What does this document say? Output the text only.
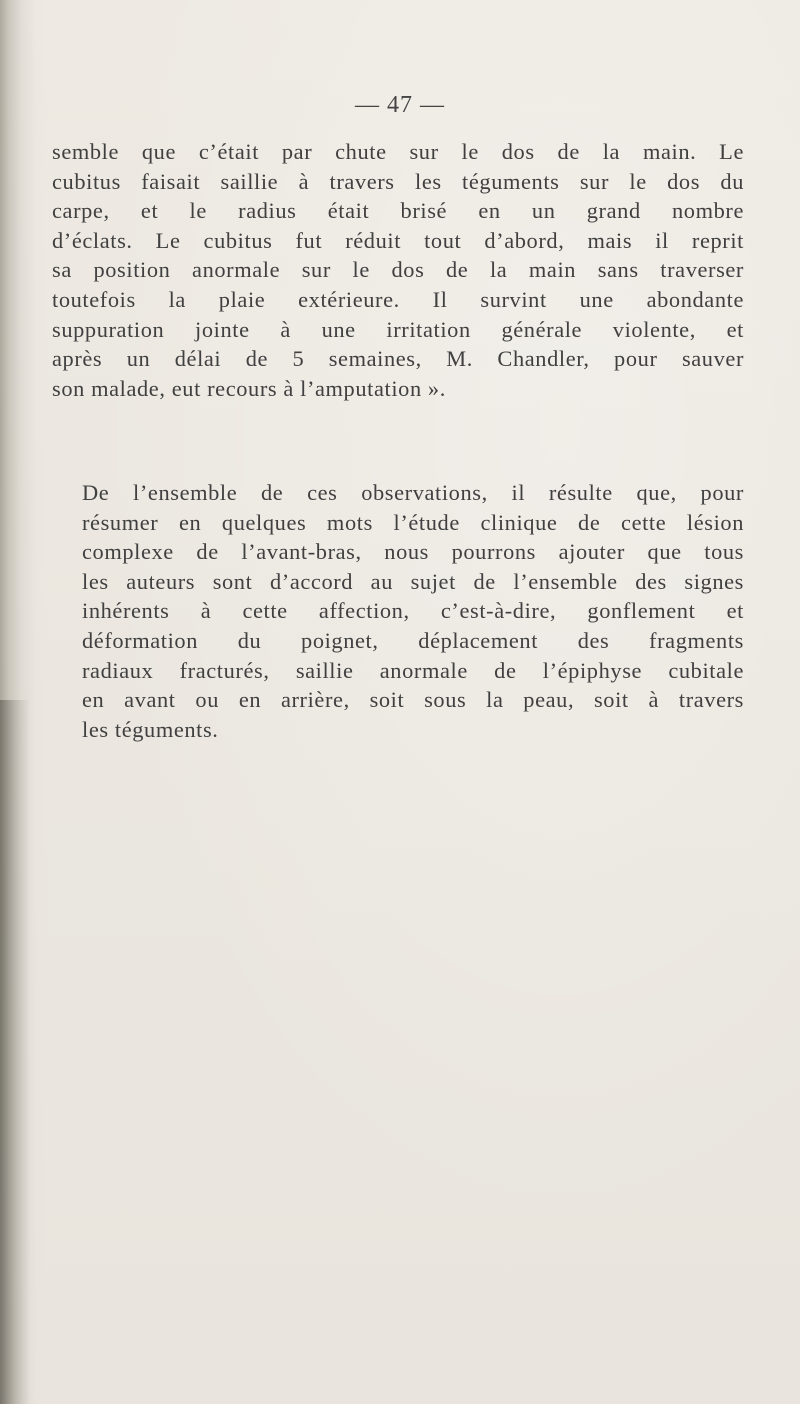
— 47 —
semble que c’était par chute sur le dos de la main. Le
cubitus faisait saillie à travers les téguments sur le dos du
carpe, et le radius était brisé en un grand nombre
d’éclats. Le cubitus fut réduit tout d’abord, mais il reprit
sa position anormale sur le dos de la main sans traverser
toutefois la plaie extérieure. Il survint une abondante
suppuration jointe à une irritation générale violente, et
après un délai de 5 semaines, M. Chandler, pour sauver
son malade, eut recours à l’amputation ».
De l’ensemble de ces observations, il résulte que, pour
résumer en quelques mots l’étude clinique de cette lésion
complexe de l’avant-bras, nous pourrons ajouter que tous
les auteurs sont d’accord au sujet de l’ensemble des signes
inhérents à cette affection, c’est-à-dire, gonflement et
déformation du poignet, déplacement des fragments
radiaux fracturés, saillie anormale de l’épiphyse cubitale
en avant ou en arrière, soit sous la peau, soit à travers
les téguments.
